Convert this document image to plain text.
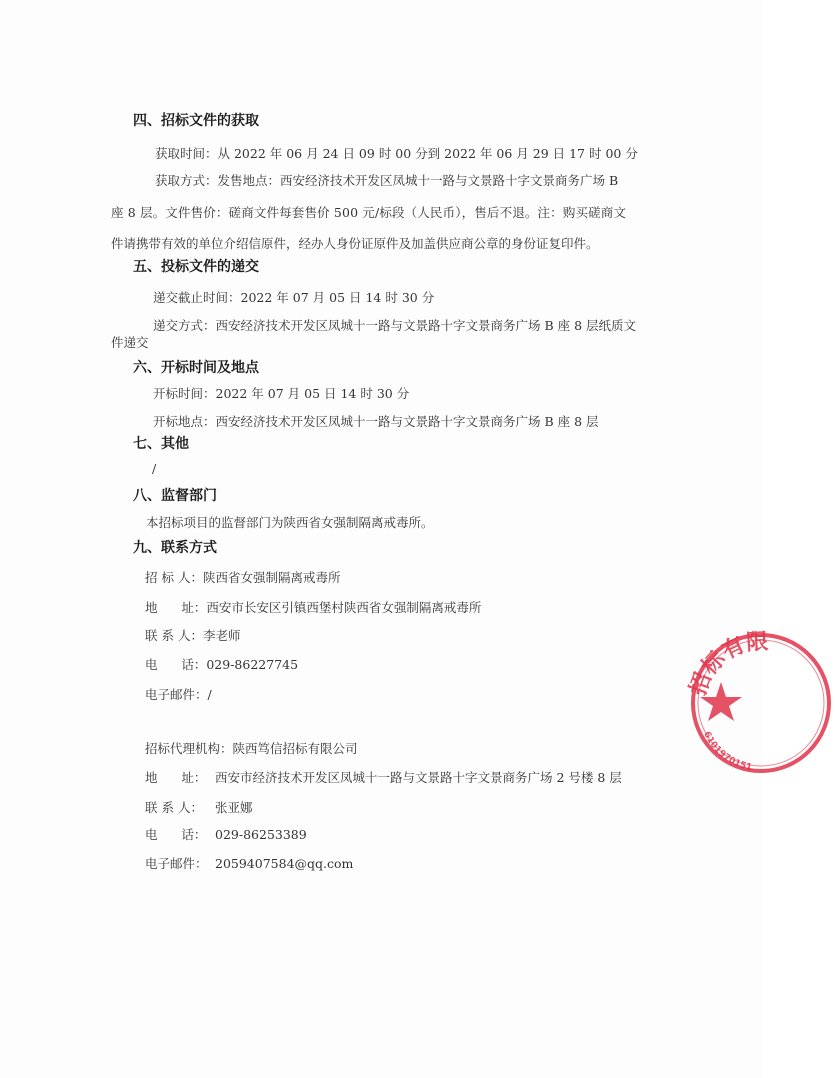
四、招标文件的获取
获取时间：从 2022 年 06 月 24 日 09 时 00 分到 2022 年 06 月 29 日 17 时 00 分
获取方式：发售地点：西安经济技术开发区凤城十一路与文景路十字文景商务广场 B
座 8 层。文件售价：磋商文件每套售价 500 元/标段（人民币），售后不退。注：购买磋商文
件请携带有效的单位介绍信原件，经办人身份证原件及加盖供应商公章的身份证复印件。
五、投标文件的递交
递交截止时间：2022 年 07 月 05 日 14 时 30 分
递交方式：西安经济技术开发区凤城十一路与文景路十字文景商务广场 B 座 8 层纸质文
件递交
六、开标时间及地点
开标时间：2022 年 07 月 05 日 14 时 30 分
开标地点：西安经济技术开发区凤城十一路与文景路十字文景商务广场 B 座 8 层
七、其他
/
八、监督部门
本招标项目的监督部门为陕西省女强制隔离戒毒所。
九、联系方式
招 标 人：陕西省女强制隔离戒毒所
地      址：西安市长安区引镇西堡村陕西省女强制隔离戒毒所
联 系 人：李老师
电      话：029-86227745
电子邮件：/
招标代理机构：陕西笃信招标有限公司
地      址： 西安市经济技术开发区凤城十一路与文景路十字文景商务广场 2 号楼 8 层
联 系 人： 张亚娜
电      话： 029-86253389
电子邮件： 2059407584@qq.com
招标有限
6101970151
